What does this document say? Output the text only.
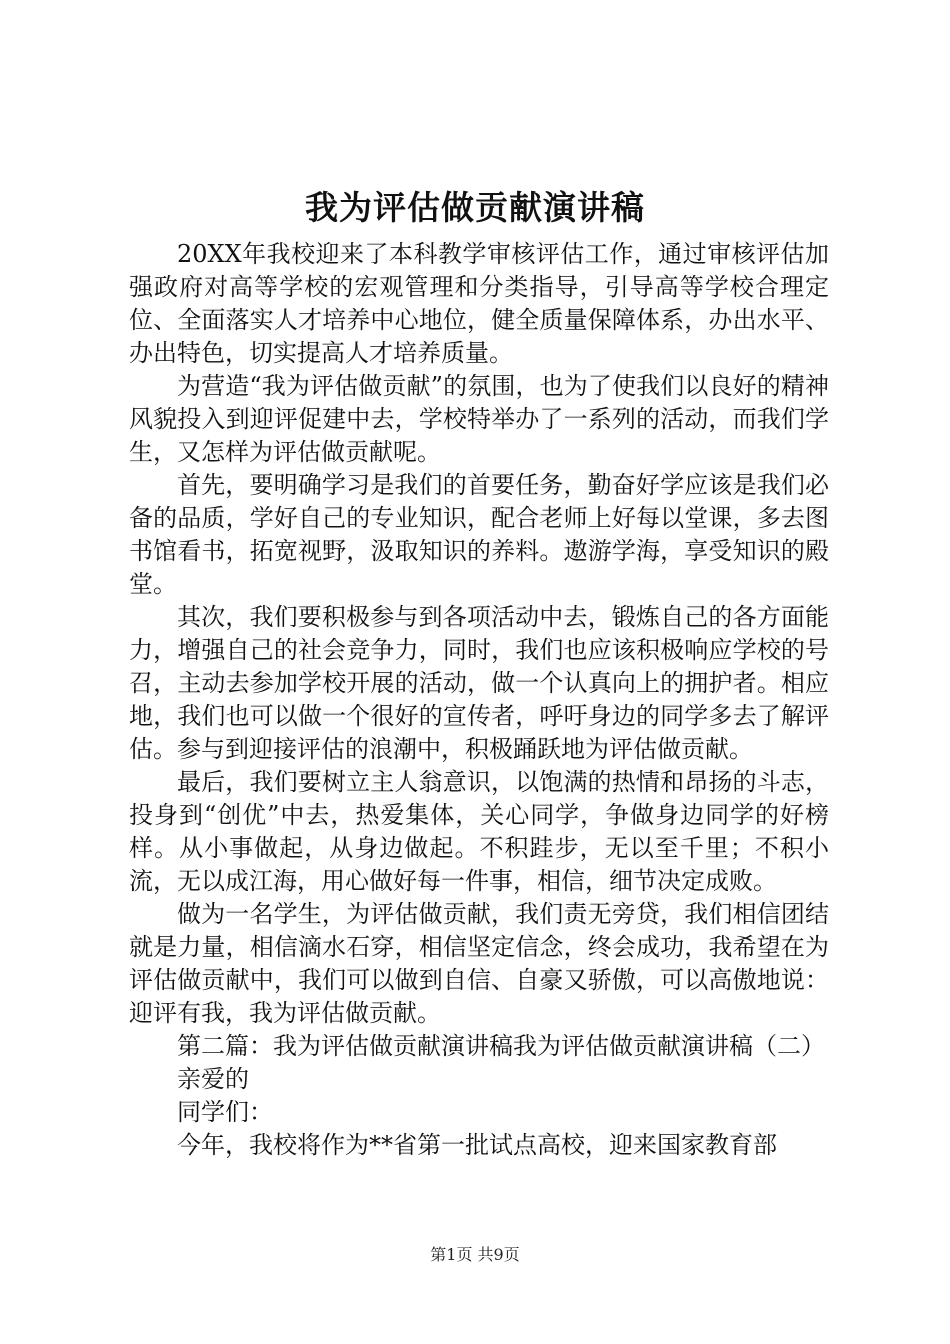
我为评估做贡献演讲稿

20XX年我校迎来了本科教学审核评估工作，通过审核评估加强政府对高等学校的宏观管理和分类指导，引导高等学校合理定位、全面落实人才培养中心地位，健全质量保障体系，办出水平、办出特色，切实提高人才培养质量。

为营造“我为评估做贡献”的氛围，也为了使我们以良好的精神风貌投入到迎评促建中去，学校特举办了一系列的活动，而我们学生，又怎样为评估做贡献呢。

首先，要明确学习是我们的首要任务，勤奋好学应该是我们必备的品质，学好自己的专业知识，配合老师上好每以堂课，多去图书馆看书，拓宽视野，汲取知识的养料。遨游学海，享受知识的殿堂。

其次，我们要积极参与到各项活动中去，锻炼自己的各方面能力，增强自己的社会竞争力，同时，我们也应该积极响应学校的号召，主动去参加学校开展的活动，做一个认真向上的拥护者。相应地，我们也可以做一个很好的宣传者，呼吁身边的同学多去了解评估。参与到迎接评估的浪潮中，积极踊跃地为评估做贡献。

最后，我们要树立主人翁意识，以饱满的热情和昂扬的斗志，投身到“创优”中去，热爱集体，关心同学，争做身边同学的好榜样。从小事做起，从身边做起。不积跬步，无以至千里；不积小流，无以成江海，用心做好每一件事，相信，细节决定成败。

做为一名学生，为评估做贡献，我们责无旁贷，我们相信团结就是力量，相信滴水石穿，相信坚定信念，终会成功，我希望在为评估做贡献中，我们可以做到自信、自豪又骄傲，可以高傲地说：迎评有我，我为评估做贡献。

第二篇：我为评估做贡献演讲稿我为评估做贡献演讲稿（二）

亲爱的

同学们：

今年，我校将作为**省第一批试点高校，迎来国家教育部

第1页 共9页
